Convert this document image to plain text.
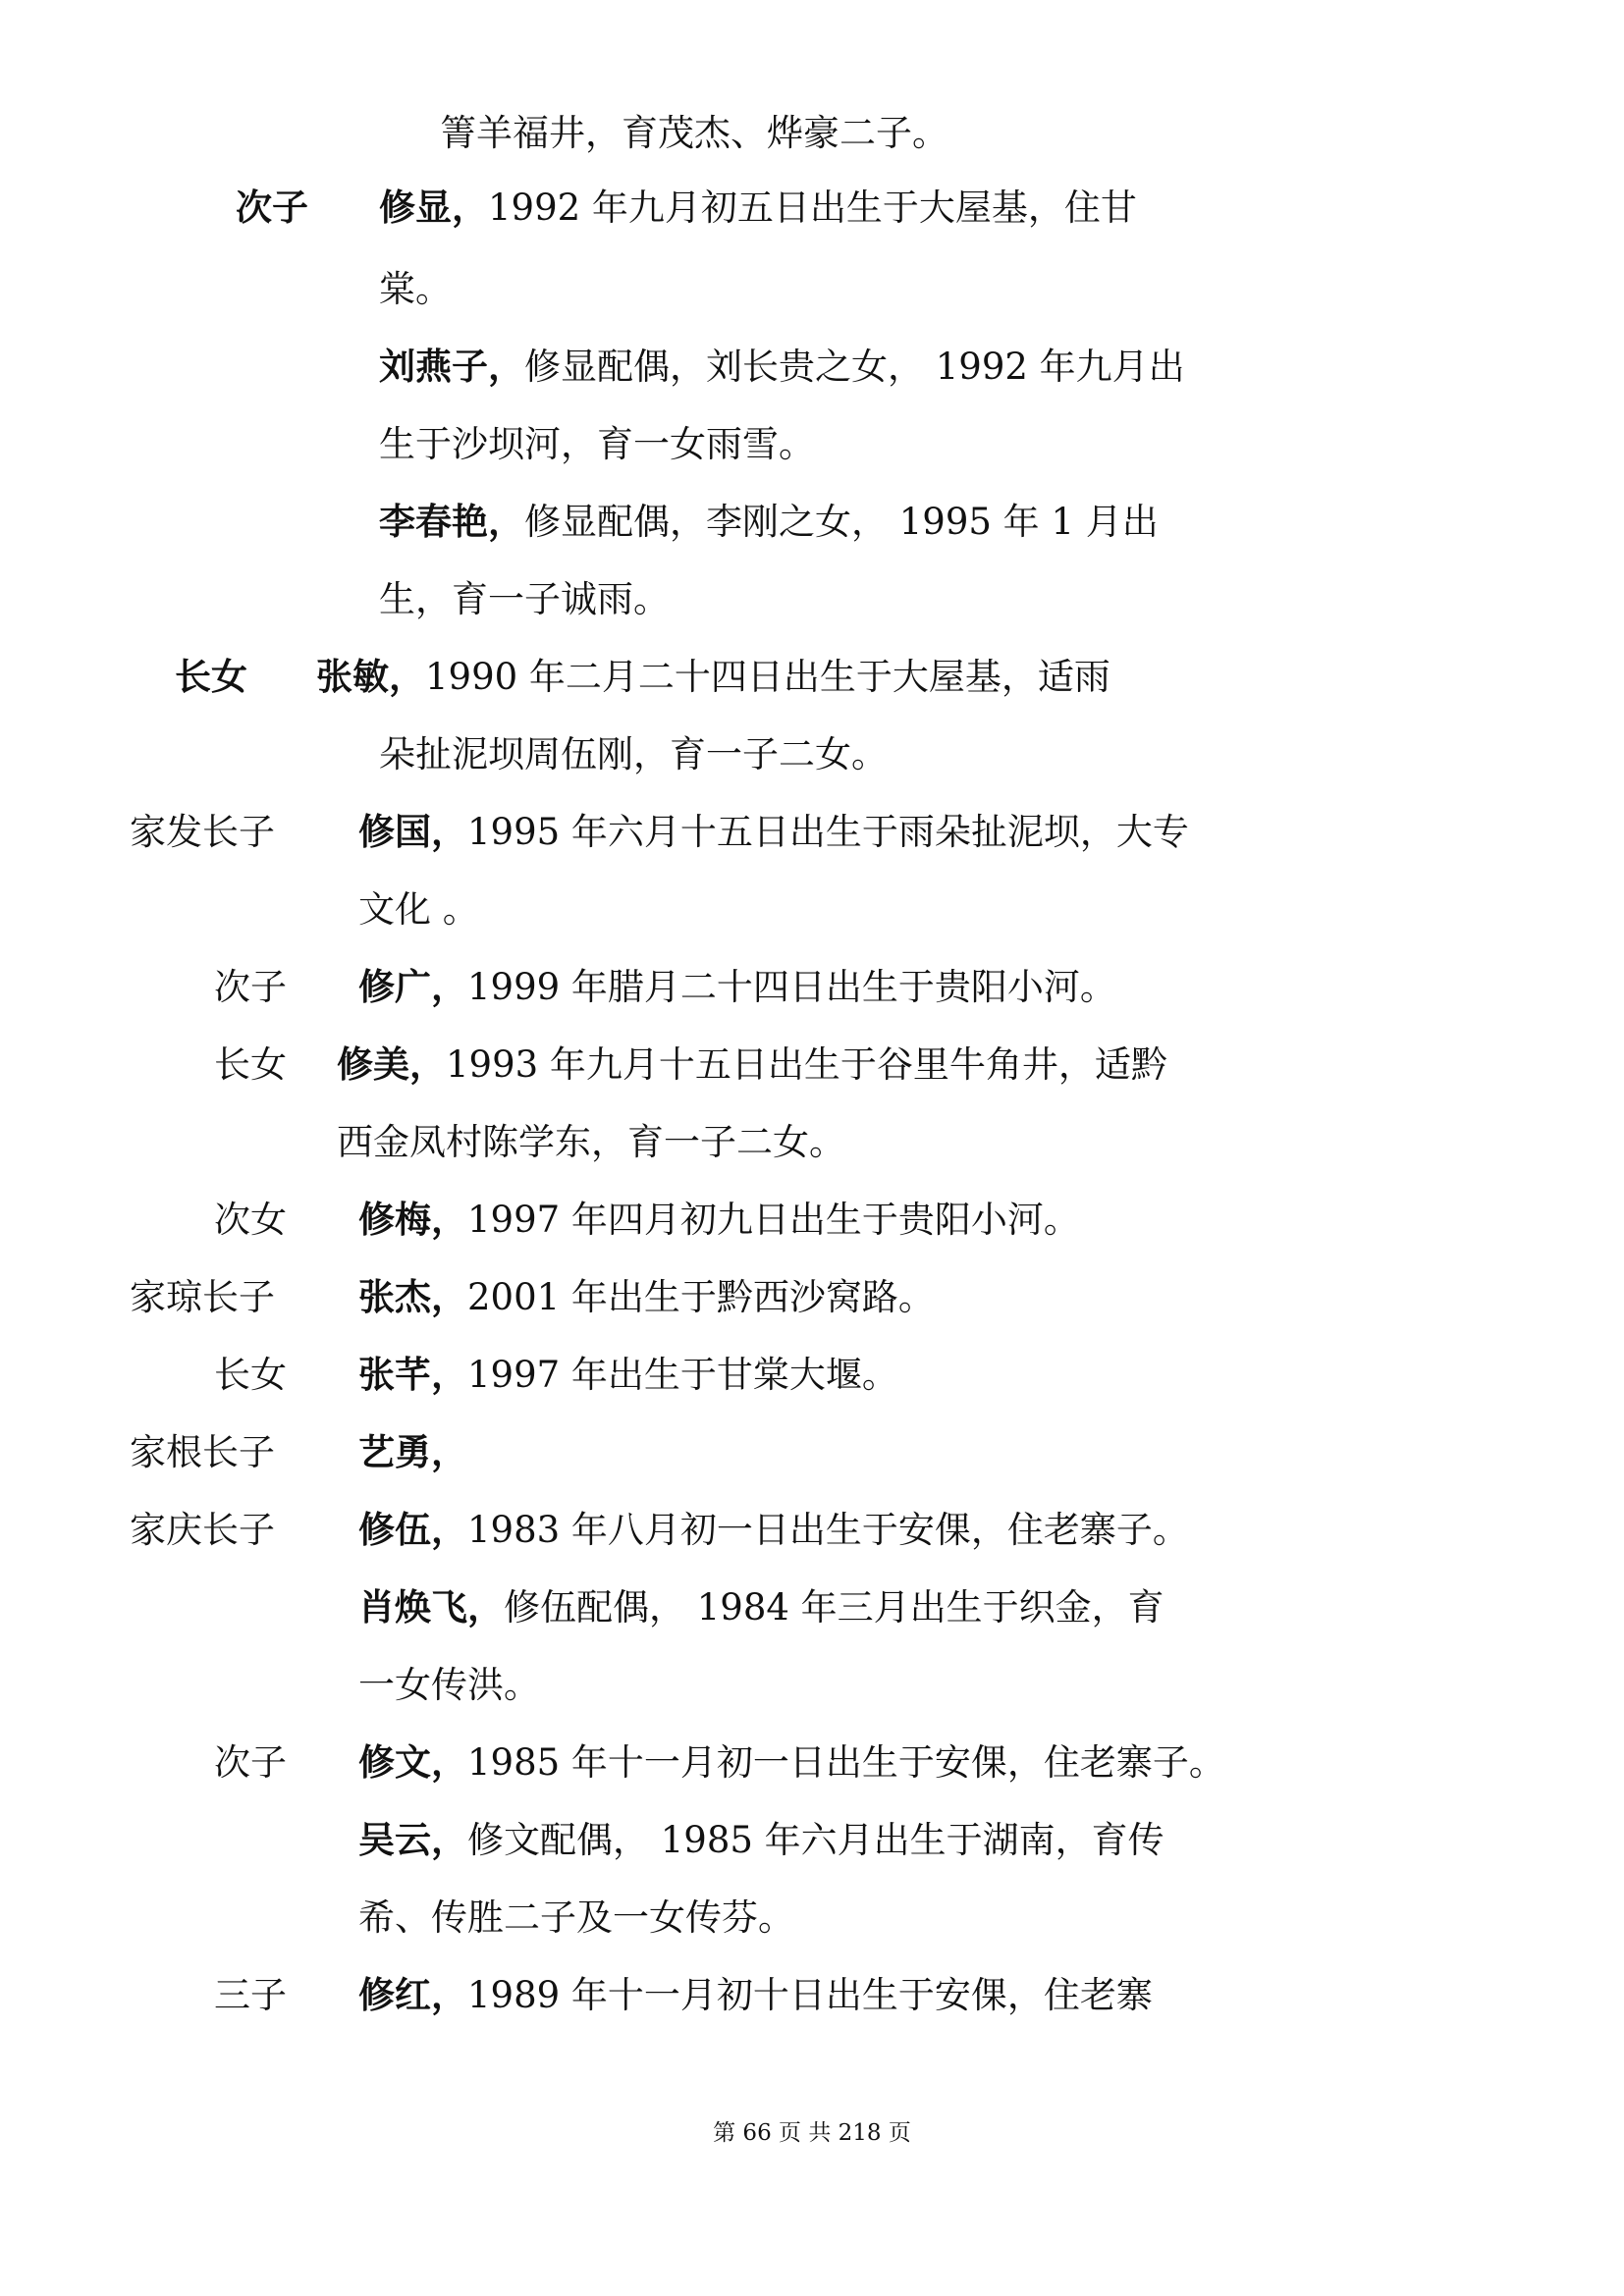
箐羊福井，育茂杰、烨豪二子。
次子 修显，1992 年九月初五日出生于大屋基，住甘
棠。
刘燕子，修显配偶，刘长贵之女， 1992 年九月出
生于沙坝河，育一女雨雪。
李春艳，修显配偶，李刚之女， 1995 年 1 月出
生，育一子诚雨。
长女 张敏，1990 年二月二十四日出生于大屋基，适雨
朵扯泥坝周伍刚，育一子二女。
家发长子 修国，1995 年六月十五日出生于雨朵扯泥坝，大专
文化 。
次子 修广，1999 年腊月二十四日出生于贵阳小河。
长女 修美，1993 年九月十五日出生于谷里牛角井，适黔
西金凤村陈学东，育一子二女。
次女 修梅，1997 年四月初九日出生于贵阳小河。
家琼长子 张杰，2001 年出生于黔西沙窝路。
长女 张芊，1997 年出生于甘棠大堰。
家根长子 艺勇，
家庆长子 修伍，1983 年八月初一日出生于安倮，住老寨子。
肖焕飞，修伍配偶， 1984 年三月出生于织金，育
一女传洪。
次子 修文，1985 年十一月初一日出生于安倮，住老寨子。
吴云，修文配偶， 1985 年六月出生于湖南，育传
希、传胜二子及一女传芬。
三子 修红，1989 年十一月初十日出生于安倮，住老寨
第 66 页 共 218 页
